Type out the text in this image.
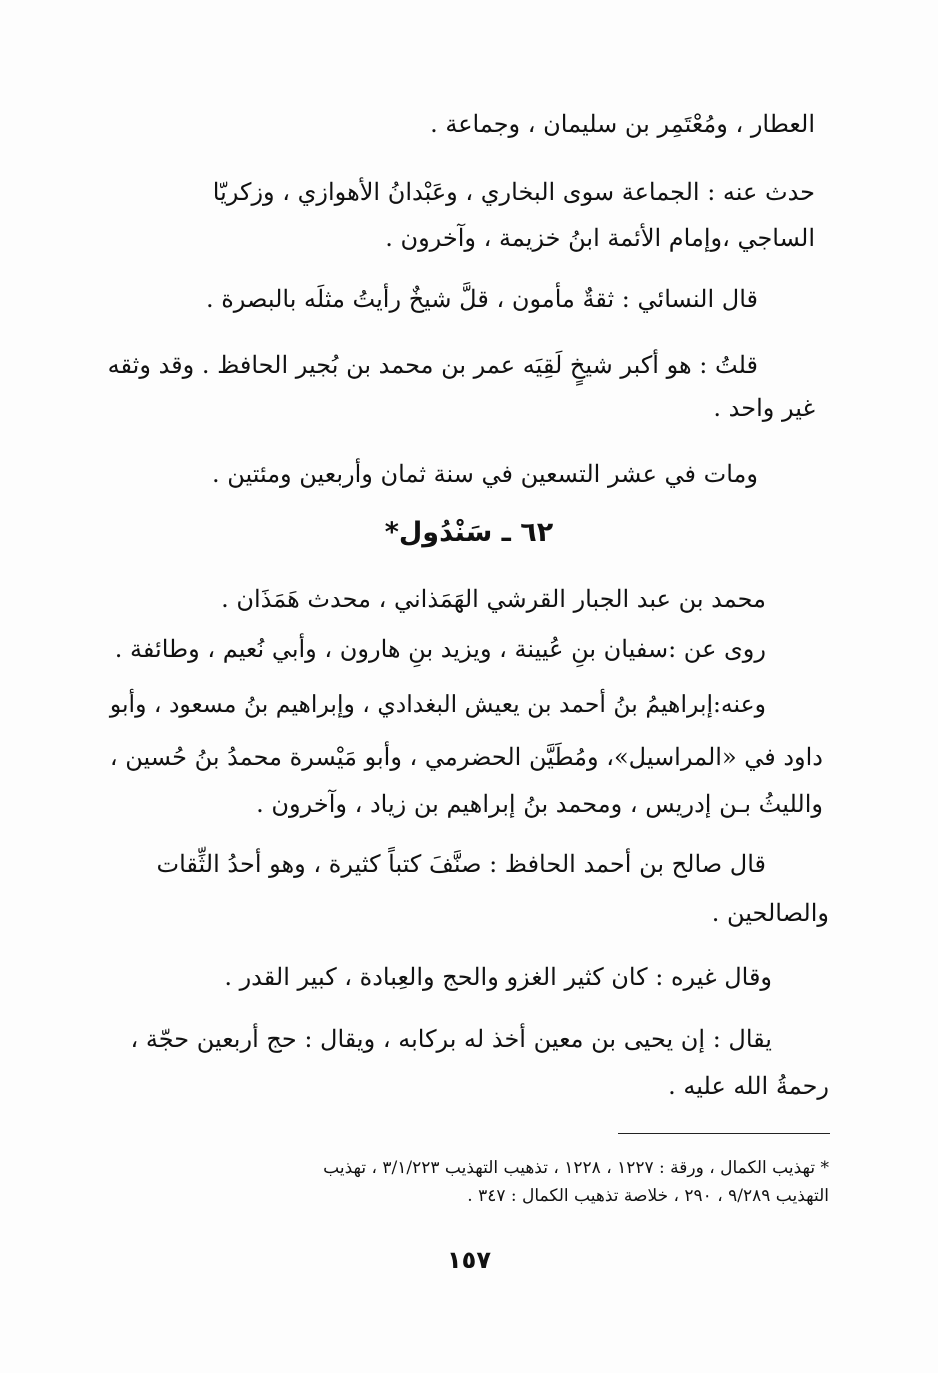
العطار ، ومُعْتَمِر بن سليمان ، وجماعة .
حدث عنه : الجماعة سوى البخاري ، وعَبْدانُ الأهوازي ، وزكريّا
الساجي ،وإمام الأئمة ابنُ خزيمة ، وآخرون .
قال النسائي : ثقةٌ مأمون ، قلَّ شيخٌ رأيتُ مثلَه بالبصرة .
قلتُ : هو أكبر شيخٍ لَقِيَه عمر بن محمد بن بُجير الحافظ . وقد وثقه
غير واحد .
ومات في عشر التسعين في سنة ثمان وأربعين ومئتين .
٦٢ ـ سَنْدُول*
محمد بن عبد الجبار القرشي الهَمَذاني ، محدث هَمَذَان .
روى عن :سفيان بنِ عُيينة ، ويزيد بنِ هارون ، وأبي نُعيم ، وطائفة .
وعنه:إبراهيمُ بنُ أحمد بن يعيش البغدادي ، وإبراهيم بنُ مسعود ، وأبو
داود في «المراسيل»، ومُطَيَّن الحضرمي ، وأبو مَيْسرة محمدُ بنُ حُسين ،
والليثُ بـن إدريس ، ومحمد بنُ إبراهيم بن زياد ، وآخرون .
قال صالح بن أحمد الحافظ : صنَّفَ كتباً كثيرة ، وهو أحدُ الثِّقات
والصالحين .
وقال غيره : كان كثير الغزو والحج والعِبادة ، كبير القدر .
يقال : إن يحيى بن معين أخذ له بركابه ، ويقال : حج أربعين حجّة ،
رحمةُ الله عليه .
* تهذيب الكمال ، ورقة : ١٢٢٧ ، ١٢٢٨ ، تذهيب التهذيب ٣/١/٢٢٣ ، تهذيب
التهذيب ٩/٢٨٩ ، ٢٩٠ ، خلاصة تذهيب الكمال : ٣٤٧ .
١٥٧
